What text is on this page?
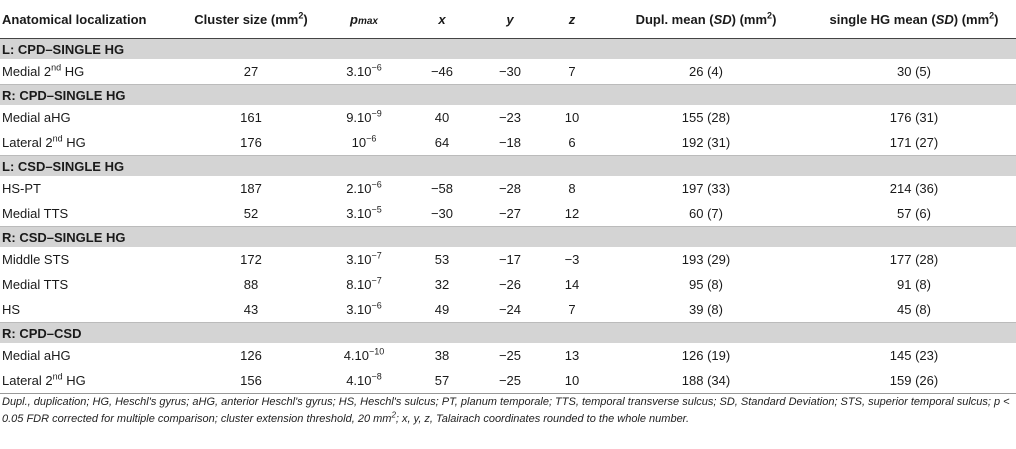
Anatomical localization	Cluster size $(mm^2)$	pmax	x	y	z	Dupl. mean (SD) $(mm^2)$	single HG mean (SD) $(mm^2)$
L: CPD–SINGLE HG							
Medial 2nd HG	27	$3.10^{-6}$	−46	−30	7	26 (4)	30 (5)
R: CPD–SINGLE HG							
Medial aHG	161	$9.10^{-9}$	40	−23	10	155 (28)	176 (31)
Lateral 2nd HG	176	$10^{-6}$	64	−18	6	192 (31)	171 (27)
L: CSD–SINGLE HG							
HS-PT	187	$2.10^{-6}$	−58	−28	8	197 (33)	214 (36)
Medial TTS	52	$3.10^{-5}$	−30	−27	12	60 (7)	57 (6)
R: CSD–SINGLE HG							
Middle STS	172	$3.10^{-7}$	53	−17	−3	193 (29)	177 (28)
Medial TTS	88	$8.10^{-7}$	32	−26	14	95 (8)	91 (8)
HS	43	$3.10^{-6}$	49	−24	7	39 (8)	45 (8)
R: CPD–CSD							
Medial aHG	126	$4.10^{-10}$	38	−25	13	126 (19)	145 (23)
Lateral 2nd HG	156	$4.10^{-8}$	57	−25	10	188 (34)	159 (26)
Dupl., duplication; HG, Heschl's gyrus; aHG, anterior Heschl's gyrus; HS, Heschl's sulcus; PT, planum temporale; TTS, temporal transverse sulcus; SD, Standard Deviation; STS, superior temporal sulcus; p < 0.05 FDR corrected for multiple comparison; cluster extension threshold, 20 $mm^2$; x, y, z, Talairach coordinates rounded to the whole number.
